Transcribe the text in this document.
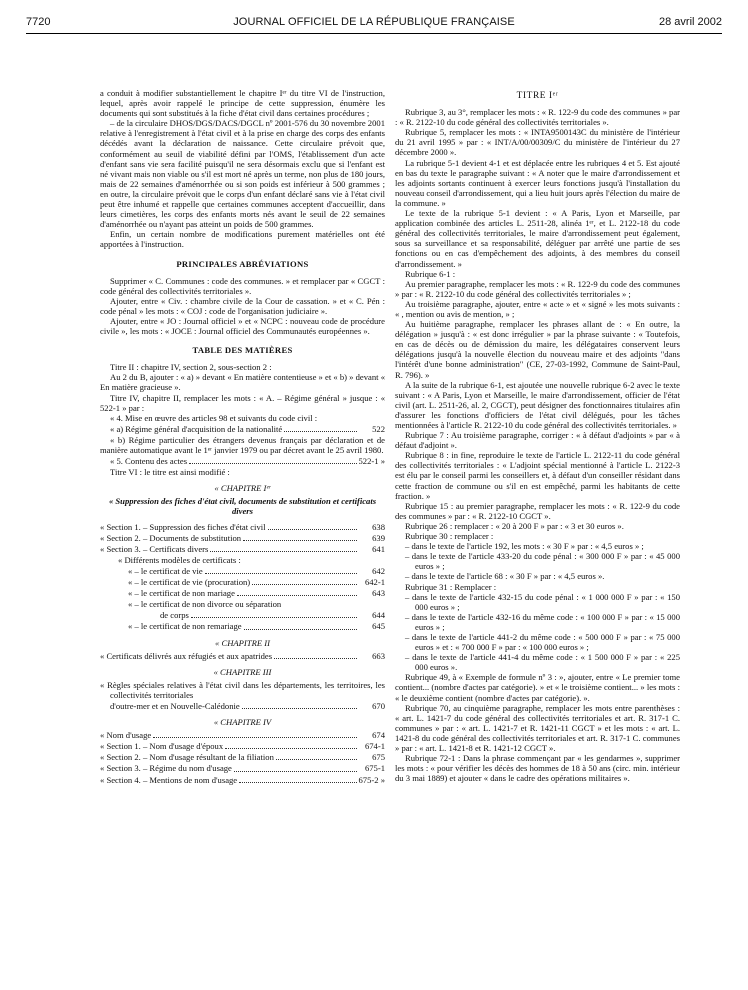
7720	JOURNAL OFFICIEL DE LA RÉPUBLIQUE FRANÇAISE	28 avril 2002

a conduit à modifier substantiellement le chapitre Iᵉʳ du titre VI de l'instruction, lequel, après avoir rappelé le principe de cette suppression, énumère les documents qui sont substitués à la fiche d'état civil dans certaines procédures ;

– de la circulaire DHOS/DGS/DACS/DGCL nº 2001-576 du 30 novembre 2001 relative à l'enregistrement à l'état civil et à la prise en charge des corps des enfants décédés avant la déclaration de naissance. Cette circulaire prévoit que, conformément au seuil de viabilité défini par l'OMS, l'établissement d'un acte d'enfant sans vie sera facilité puisqu'il ne sera désormais exclu que si l'enfant est né vivant mais non viable ou s'il est mort né après un terme, non plus de 180 jours, mais de 22 semaines d'aménorrhée ou si son poids est inférieur à 500 grammes ; en outre, la circulaire prévoit que le corps d'un enfant déclaré sans vie à l'état civil peut être inhumé et rappelle que certaines communes acceptent d'accueillir, dans leurs cimetières, les corps des enfants morts nés avant le seuil de 22 semaines d'aménorrhée ou n'ayant pas atteint un poids de 500 grammes.

Enfin, un certain nombre de modifications purement matérielles ont été apportées à l'instruction.

PRINCIPALES ABRÉVIATIONS

Supprimer « C. Communes : code des communes. » et remplacer par « CGCT : code général des collectivités territoriales ».

Ajouter, entre « Civ. : chambre civile de la Cour de cassation. » et « C. Pén : code pénal » les mots : « COJ : code de l'organisation judiciaire ».

Ajouter, entre « JO : Journal officiel » et « NCPC : nouveau code de procédure civile », les mots : « JOCE : Journal officiel des Communautés européennes ».

TABLE DES MATIÈRES

Titre II : chapitre IV, section 2, sous-section 2 :

Au 2 du B, ajouter : « a) » devant « En matière contentieuse » et « b) » devant « En matière gracieuse ».

Titre IV, chapitre II, remplacer les mots : « A. – Régime général » jusque : « 522-1 » par :

« 4. Mise en œuvre des articles 98 et suivants du code civil :

« a) Régime général d'acquisition de la nationalité	522

« b) Régime particulier des étrangers devenus français par déclaration et de manière automatique avant le 1ᵉʳ janvier 1979 ou par décret avant le 25 avril 1980.

« 5. Contenu des actes	522-1 »

Titre VI : le titre est ainsi modifié :

« CHAPITRE Iᵉʳ

« Suppression des fiches d'état civil, documents de substitution et certificats divers

« Section 1. – Suppression des fiches d'état civil	638
« Section 2. – Documents de substitution	639
« Section 3. – Certificats divers	641

« Différents modèles de certificats :

« – le certificat de vie	642
« – le certificat de vie (procuration)	642-1
« – le certificat de non mariage	643

« – le certificat de non divorce ou séparation

de corps	644
« – le certificat de non remariage	645

« CHAPITRE II

« Certificats délivrés aux réfugiés et aux apatrides	663

« CHAPITRE III

« Règles spéciales relatives à l'état civil dans les départements, les territoires, les collectivités territoriales

d'outre-mer et en Nouvelle-Calédonie	670

« CHAPITRE IV

« Nom d'usage	674
« Section 1. – Nom d'usage d'époux	674-1
« Section 2. – Nom d'usage résultant de la filiation	675
« Section 3. – Régime du nom d'usage	675-1
« Section 4. – Mentions de nom d'usage	675-2 »

TITRE Iᵉʳ

Rubrique 3, au 3°, remplacer les mots : « R. 122-9 du code des communes » par : « R. 2122-10 du code général des collectivités territoriales ».

Rubrique 5, remplacer les mots : « INTA9500143C du ministère de l'intérieur du 21 avril 1995 » par : « INT/A/00/00309/C du ministère de l'intérieur du 27 décembre 2000 ».

La rubrique 5-1 devient 4-1 et est déplacée entre les rubriques 4 et 5. Est ajouté en bas du texte le paragraphe suivant : « A noter que le maire d'arrondissement et les adjoints sortants continuent à exercer leurs fonctions jusqu'à l'installation du nouveau conseil d'arrondissement, qui a lieu huit jours après l'élection du maire de la commune. »

Le texte de la rubrique 5-1 devient : « A Paris, Lyon et Marseille, par application combinée des articles L. 2511-28, alinéa 1ᵉʳ, et L. 2122-18 du code général des collectivités territoriales, le maire d'arrondissement peut également, sous sa surveillance et sa responsabilité, déléguer par arrêté une partie de ses fonctions ou en cas d'empêchement des adjoints, à des membres du conseil d'arrondissement. »

Rubrique 6-1 :

Au premier paragraphe, remplacer les mots : « R. 122-9 du code des communes » par : « R. 2122-10 du code général des collectivités territoriales » ;

Au troisième paragraphe, ajouter, entre « acte » et « signé » les mots suivants : « , mention ou avis de mention, » ;

Au huitième paragraphe, remplacer les phrases allant de : « En outre, la délégation » jusqu'à : « est donc irrégulier » par la phrase suivante : « Toutefois, en cas de décès ou de démission du maire, les délégataires conservent leurs délégations jusqu'à la nouvelle élection du nouveau maire et des adjoints "dans l'intérêt d'une bonne administration" (CE, 27-03-1992, Commune de Saint-Paul, R. 796). »

A la suite de la rubrique 6-1, est ajoutée une nouvelle rubrique 6-2 avec le texte suivant : « A Paris, Lyon et Marseille, le maire d'arrondissement, officier de l'état civil (art. L. 2511-26, al. 2, CGCT), peut désigner des fonctionnaires titulaires afin d'assurer les fonctions d'officiers de l'état civil délégués, pour les tâches mentionnées à l'article R. 2122-10 du code général des collectivités territoriales. »

Rubrique 7 : Au troisième paragraphe, corriger : « à défaut d'adjoints » par « à défaut d'adjoint ».

Rubrique 8 : in fine, reproduire le texte de l'article L. 2122-11 du code général des collectivités territoriales : « L'adjoint spécial mentionné à l'article L. 2122-3 est élu par le conseil parmi les conseillers et, à défaut d'un conseiller résidant dans cette fraction de commune ou s'il en est empêché, parmi les habitants de cette fraction. »

Rubrique 15 : au premier paragraphe, remplacer les mots : « R. 122-9 du code des communes » par : « R. 2122-10 CGCT ».

Rubrique 26 : remplacer : « 20 à 200 F » par : « 3 et 30 euros ».

Rubrique 30 : remplacer :

– dans le texte de l'article 192, les mots : « 30 F » par : « 4,5 euros » ;

– dans le texte de l'article 433-20 du code pénal : « 300 000 F » par : « 45 000 euros » ;

– dans le texte de l'article 68 : « 30 F » par : « 4,5 euros ».

Rubrique 31 : Remplacer :

– dans le texte de l'article 432-15 du code pénal : « 1 000 000 F » par : « 150 000 euros » ;

– dans le texte de l'article 432-16 du même code : « 100 000 F » par : « 15 000 euros » ;

– dans le texte de l'article 441-2 du même code : « 500 000 F » par : « 75 000 euros » et : « 700 000 F » par : « 100 000 euros » ;

– dans le texte de l'article 441-4 du même code : « 1 500 000 F » par : « 225 000 euros ».

Rubrique 49, à « Exemple de formule nº 3 : », ajouter, entre « Le premier tome contient... (nombre d'actes par catégorie). » et « le troisième contient... » les mots : « le deuxième contient (nombre d'actes par catégorie). ».

Rubrique 70, au cinquième paragraphe, remplacer les mots entre parenthèses : « art. L. 1421-7 du code général des collectivités territoriales et art. R. 317-1 C. communes » par : « art. L. 1421-7 et R. 1421-11 CGCT » et les mots : « art. L. 1421-8 du code général des collectivités territoriales et art. R. 317-1 C. communes » par : « art. L. 1421-8 et R. 1421-12 CGCT ».

Rubrique 72-1 : Dans la phrase commençant par « les gendarmes », supprimer les mots : « pour vérifier les décès des hommes de 18 à 50 ans (circ. min. intérieur du 3 mai 1889) et ajouter « dans le cadre des opérations militaires ».
